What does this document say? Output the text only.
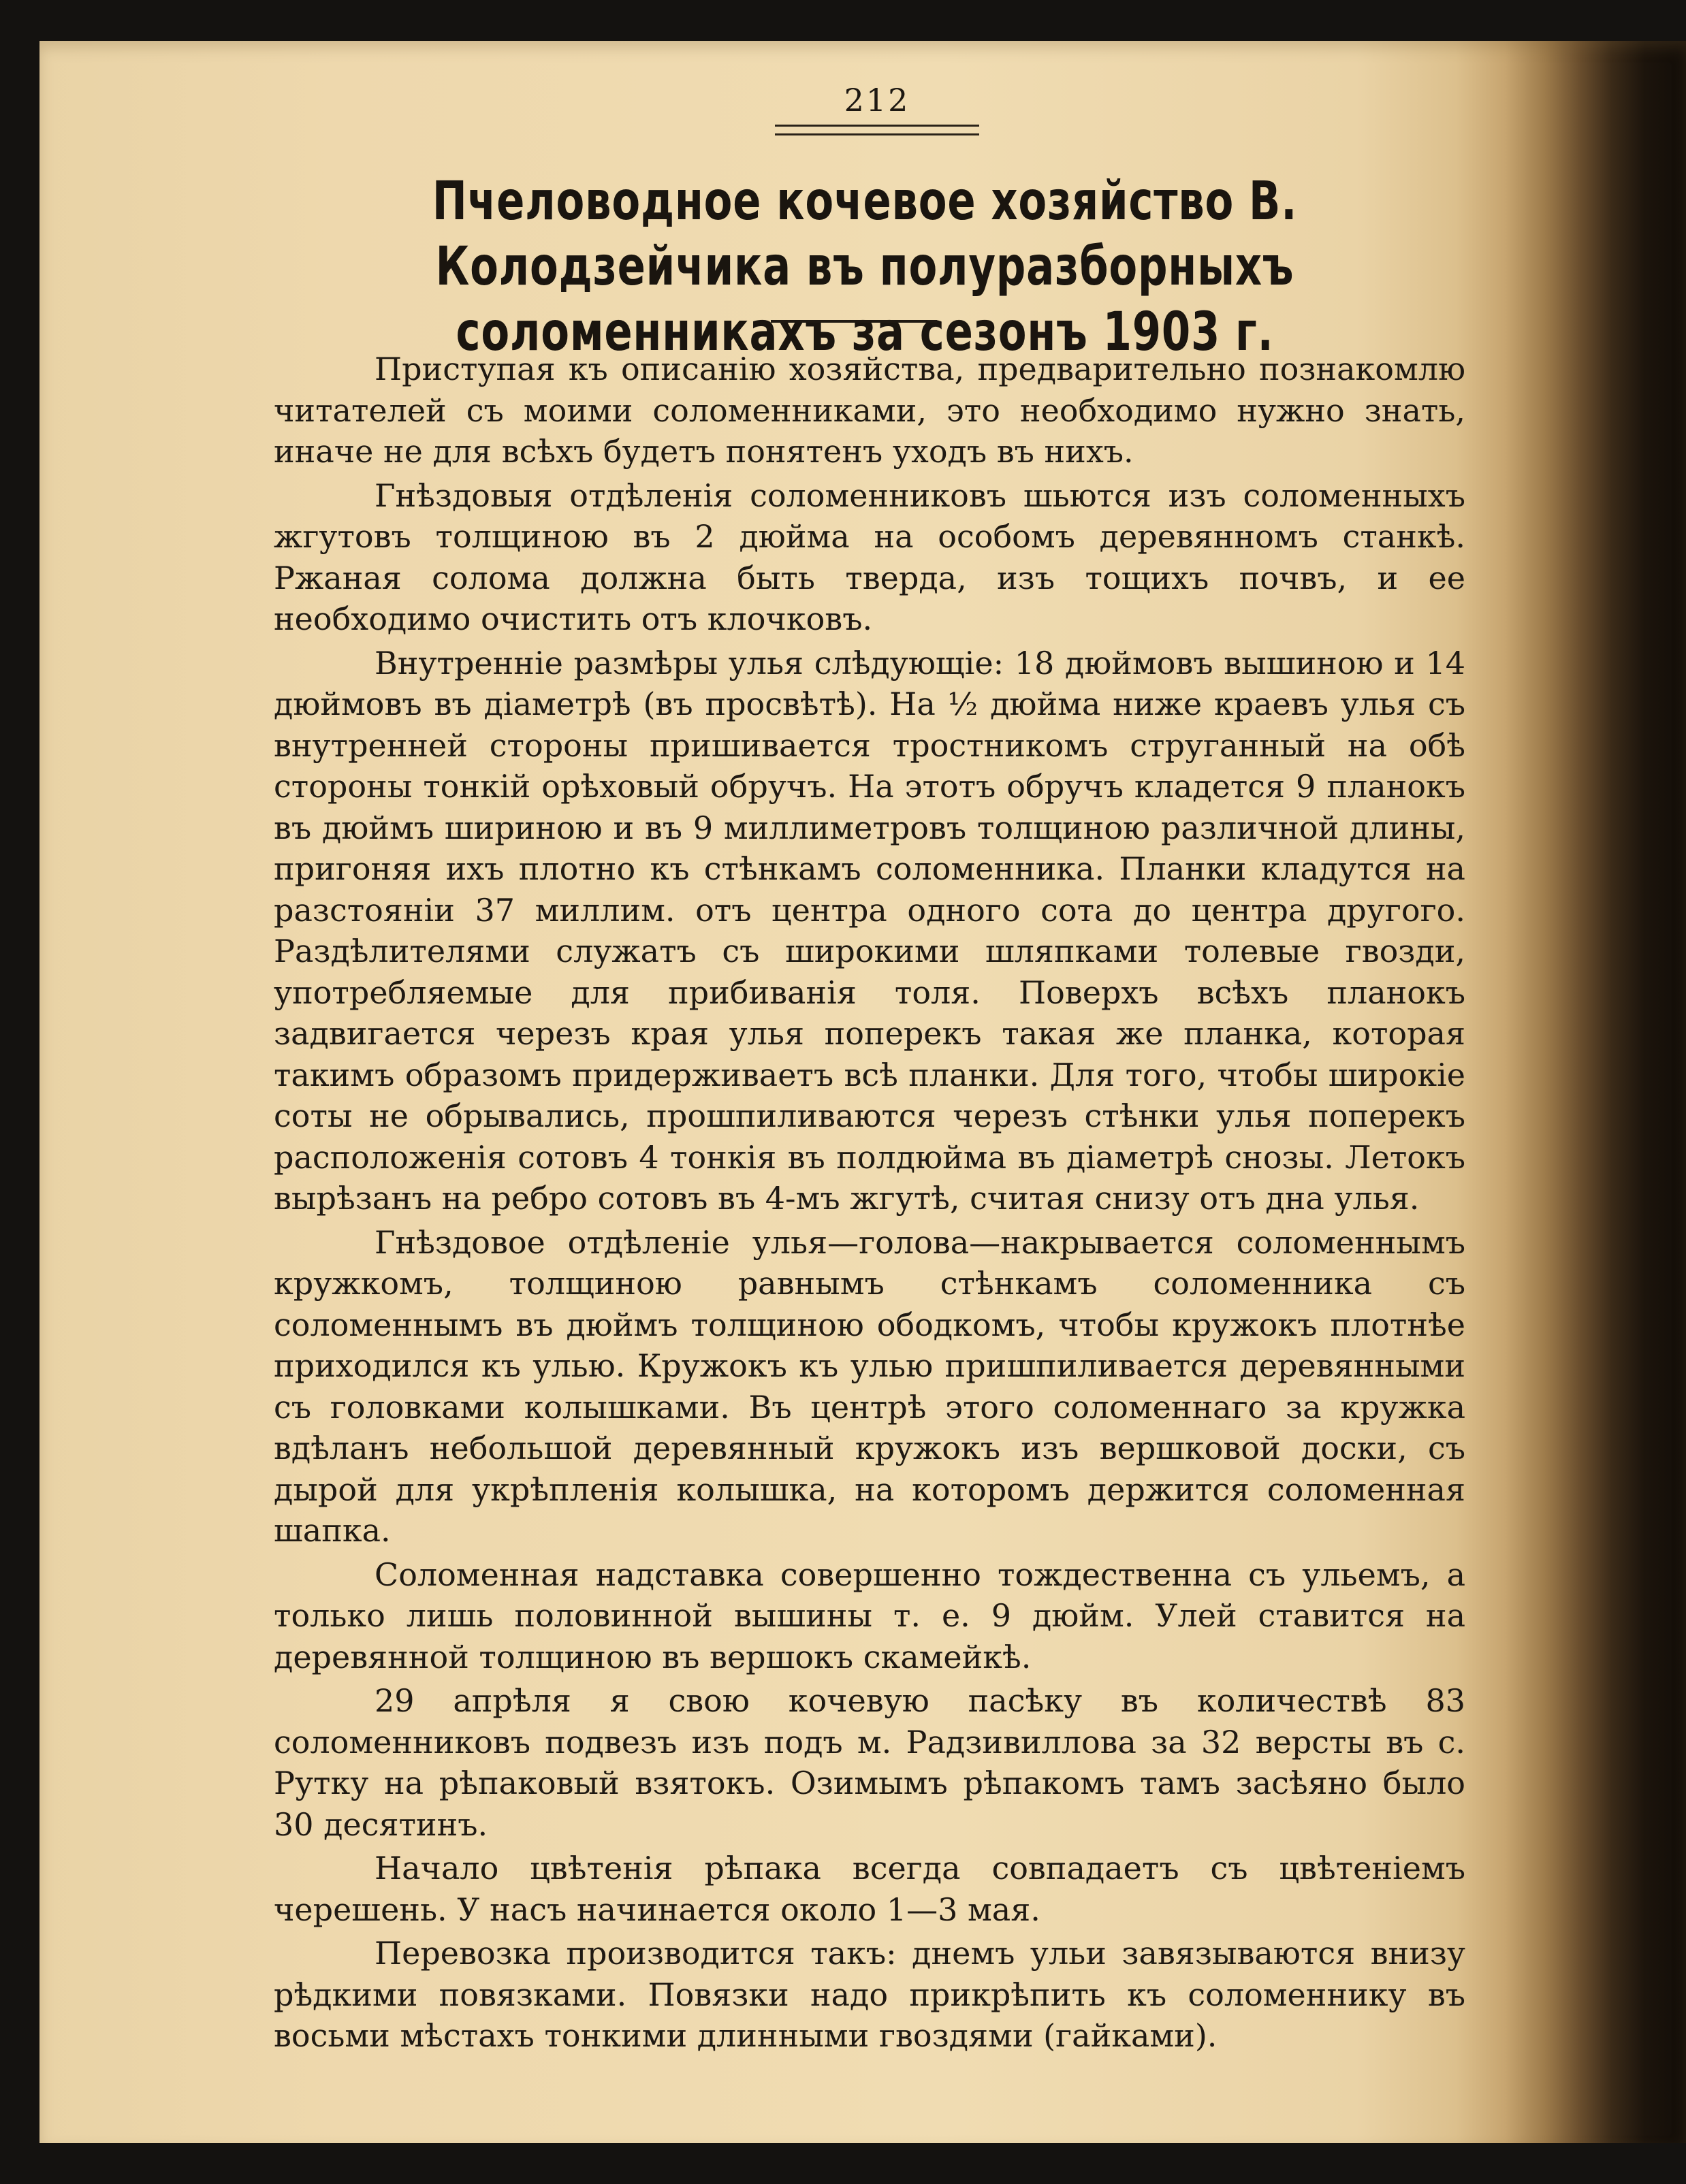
212
Пчеловодное кочевое хозяйство В. Колодзейчика въ полуразборныхъ соломенникахъ за сезонъ 1903 г.

Приступая къ описанію хозяйства, предварительно познакомлю читателей съ моими соломенниками, это необходимо нужно знать, иначе не для всѣхъ будетъ понятенъ уходъ въ нихъ.

Гнѣздовыя отдѣленія соломенниковъ шьются изъ соломенныхъ жгутовъ толщиною въ 2 дюйма на особомъ деревянномъ станкѣ. Ржаная солома должна быть тверда, изъ тощихъ почвъ, и ее необходимо очистить отъ клочковъ.

Внутренніе размѣры улья слѣдующіе: 18 дюймовъ вышиною и 14 дюймовъ въ діаметрѣ (въ просвѣтѣ). На ½ дюйма ниже краевъ улья съ внутренней стороны пришивается тростникомъ струганный на обѣ стороны тонкій орѣховый обручъ. На этотъ обручъ кладется 9 планокъ въ дюймъ шириною и въ 9 миллиметровъ толщиною различной длины, пригоняя ихъ плотно къ стѣнкамъ соломенника. Планки кладутся на разстояніи 37 миллим. отъ центра одного сота до центра другого. Раздѣлителями служатъ съ широкими шляпками толевые гвозди, употребляемые для прибиванія толя. Поверхъ всѣхъ планокъ задвигается черезъ края улья поперекъ такая же планка, которая такимъ образомъ придерживаетъ всѣ планки. Для того, чтобы широкіе соты не обрывались, прошпиливаются черезъ стѣнки улья поперекъ расположенія сотовъ 4 тонкія въ полдюйма въ діаметрѣ снозы. Летокъ вырѣзанъ на ребро сотовъ въ 4-мъ жгутѣ, считая снизу отъ дна улья.

Гнѣздовое отдѣленіе улья—голова—накрывается соломеннымъ кружкомъ, толщиною равнымъ стѣнкамъ соломенника съ соломеннымъ въ дюймъ толщиною ободкомъ, чтобы кружокъ плотнѣе приходился къ улью. Кружокъ къ улью пришпиливается деревянными съ головками колышками. Въ центрѣ этого соломеннаго за кружка вдѣланъ небольшой деревянный кружокъ изъ вершковой доски, съ дырой для укрѣпленія колышка, на которомъ держится соломенная шапка.

Соломенная надставка совершенно тождественна съ ульемъ, а только лишь половинной вышины т. е. 9 дюйм. Улей ставится на деревянной толщиною въ вершокъ скамейкѣ.

29 апрѣля я свою кочевую пасѣку въ количествѣ 83 соломенниковъ подвезъ изъ подъ м. Радзивиллова за 32 версты въ с. Рутку на рѣпаковый взятокъ. Озимымъ рѣпакомъ тамъ засѣяно было 30 десятинъ.

Начало цвѣтенія рѣпака всегда совпадаетъ съ цвѣтеніемъ черешень. У насъ начинается около 1—3 мая.

Перевозка производится такъ: днемъ ульи завязываются внизу рѣдкими повязками. Повязки надо прикрѣпить къ соломеннику въ восьми мѣстахъ тонкими длинными гвоздями (гайками).
